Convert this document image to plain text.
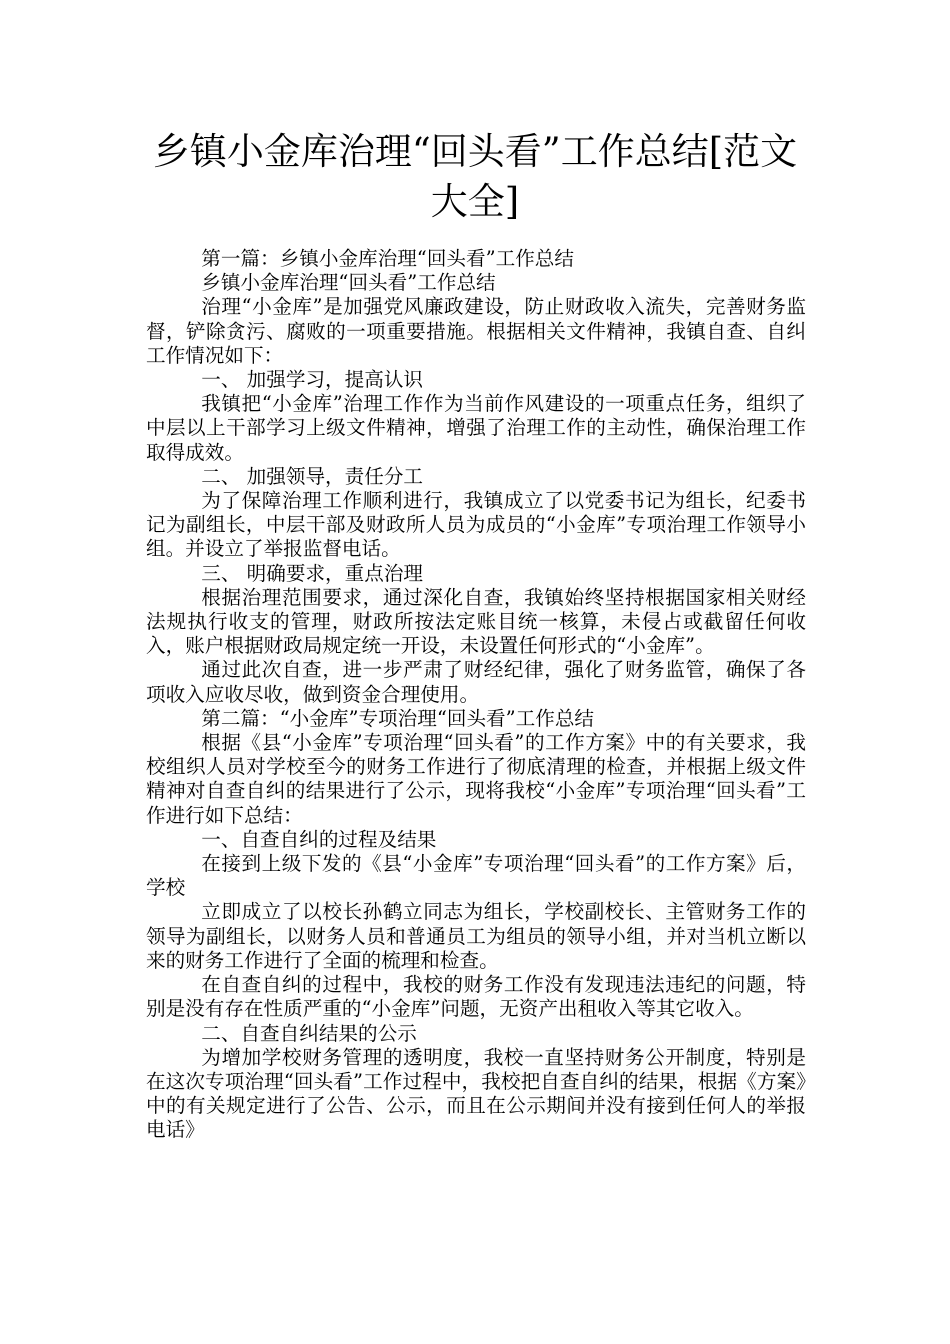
乡镇小金库治理“回头看”工作总结[范文大全]

第一篇：乡镇小金库治理“回头看”工作总结

乡镇小金库治理“回头看”工作总结

治理“小金库”是加强党风廉政建设，防止财政收入流失，完善财务监督，铲除贪污、腐败的一项重要措施。根据相关文件精神，我镇自查、自纠工作情况如下：

一、 加强学习，提高认识

我镇把“小金库”治理工作作为当前作风建设的一项重点任务，组织了中层以上干部学习上级文件精神，增强了治理工作的主动性，确保治理工作取得成效。

二、 加强领导，责任分工

为了保障治理工作顺利进行，我镇成立了以党委书记为组长，纪委书记为副组长，中层干部及财政所人员为成员的“小金库”专项治理工作领导小组。并设立了举报监督电话。

三、 明确要求，重点治理

根据治理范围要求，通过深化自查，我镇始终坚持根据国家相关财经法规执行收支的管理，财政所按法定账目统一核算，未侵占或截留任何收入，账户根据财政局规定统一开设，未设置任何形式的“小金库”。

通过此次自查，进一步严肃了财经纪律，强化了财务监管，确保了各项收入应收尽收，做到资金合理使用。

第二篇：“小金库”专项治理“回头看”工作总结

根据《县“小金库”专项治理“回头看”的工作方案》中的有关要求，我校组织人员对学校至今的财务工作进行了彻底清理的检查，并根据上级文件精神对自查自纠的结果进行了公示，现将我校“小金库”专项治理“回头看”工作进行如下总结：

一、自查自纠的过程及结果

在接到上级下发的《县“小金库”专项治理“回头看”的工作方案》后，学校

立即成立了以校长孙鹤立同志为组长，学校副校长、主管财务工作的领导为副组长，以财务人员和普通员工为组员的领导小组，并对当机立断以来的财务工作进行了全面的梳理和检查。

在自查自纠的过程中，我校的财务工作没有发现违法违纪的问题，特别是没有存在性质严重的“小金库”问题，无资产出租收入等其它收入。

二、自查自纠结果的公示

为增加学校财务管理的透明度，我校一直坚持财务公开制度，特别是在这次专项治理“回头看”工作过程中，我校把自查自纠的结果，根据《方案》中的有关规定进行了公告、公示，而且在公示期间并没有接到任何人的举报电话》
